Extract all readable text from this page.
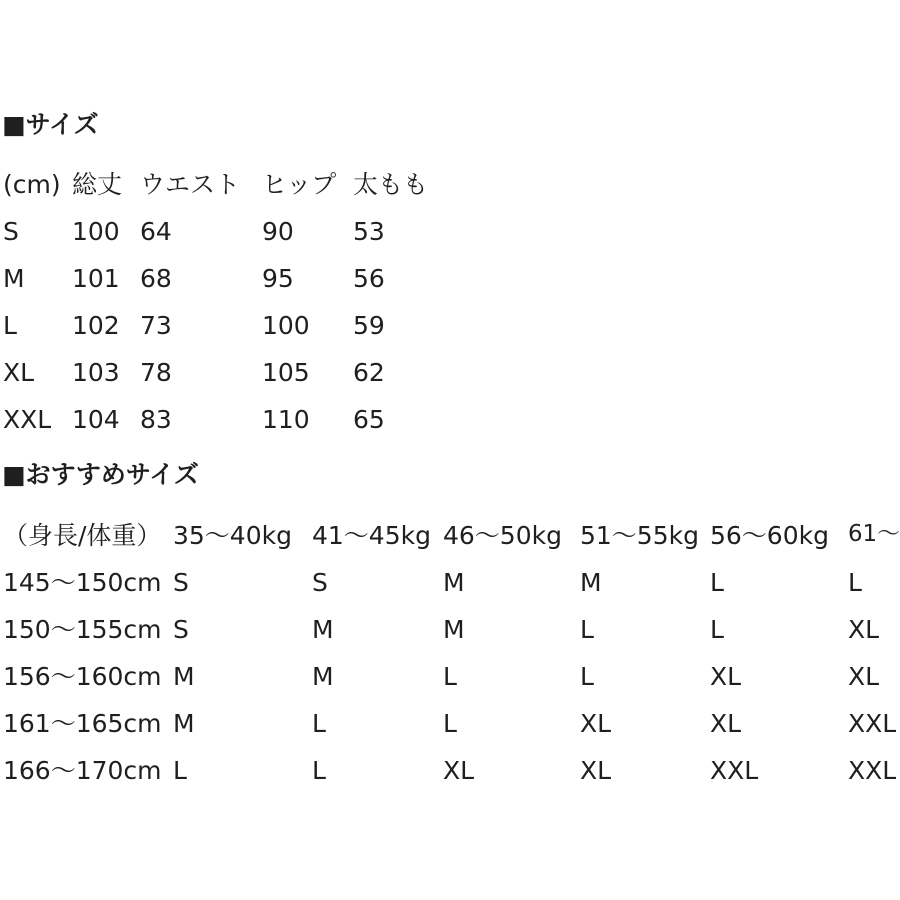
■サイズ
(cm) 総丈 ウエスト ヒップ 太もも
S 100 64	90 53
M 101 68	95 56
L 102 73	100 59
XL 103 78	105 62
XXL 104 83	110 65
■おすすめサイズ
（身長/体重） 35〜40kg 41〜45kg 46〜50kg 51〜55kg 56〜60kg 61〜
145〜150cm S	S	M	M	L	L
150〜155cm S	M	M	L	L	XL
156〜160cm M	M	L	L	XL	XL
161〜165cm M	L	L	XL	XL	XXL
166〜170cm L	L	XL	XL	XXL	XXL
